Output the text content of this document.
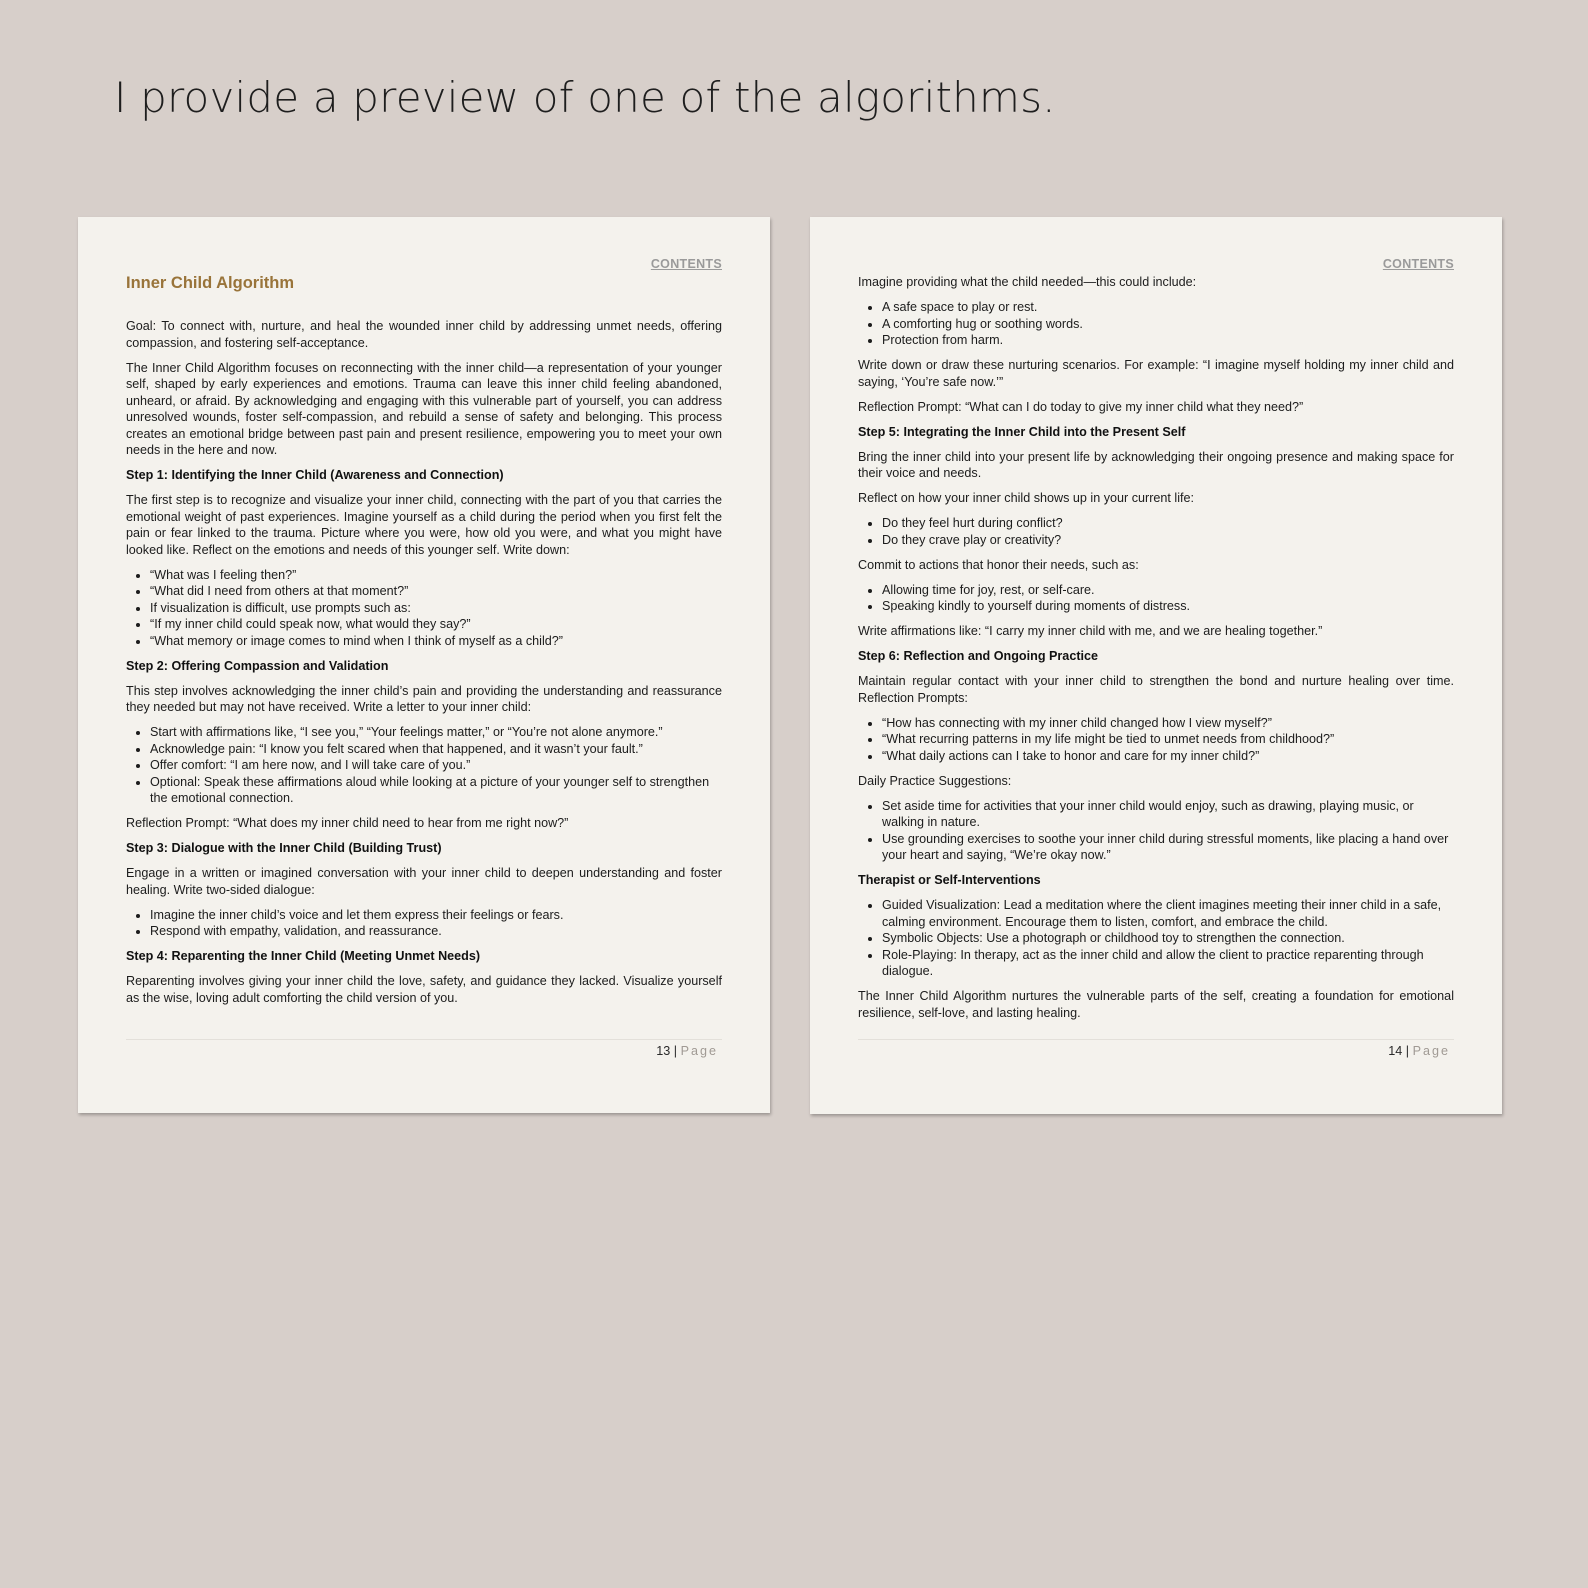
I provide a preview of one of the algorithms.
CONTENTS
Inner Child Algorithm

Goal: To connect with, nurture, and heal the wounded inner child by addressing unmet needs, offering compassion, and fostering self-acceptance.

The Inner Child Algorithm focuses on reconnecting with the inner child—a representation of your younger self, shaped by early experiences and emotions. Trauma can leave this inner child feeling abandoned, unheard, or afraid. By acknowledging and engaging with this vulnerable part of yourself, you can address unresolved wounds, foster self-compassion, and rebuild a sense of safety and belonging. This process creates an emotional bridge between past pain and present resilience, empowering you to meet your own needs in the here and now.

Step 1: Identifying the Inner Child (Awareness and Connection)

The first step is to recognize and visualize your inner child, connecting with the part of you that carries the emotional weight of past experiences. Imagine yourself as a child during the period when you first felt the pain or fear linked to the trauma. Picture where you were, how old you were, and what you might have looked like. Reflect on the emotions and needs of this younger self. Write down:

• “What was I feeling then?”
• “What did I need from others at that moment?”
• If visualization is difficult, use prompts such as:
• “If my inner child could speak now, what would they say?”
• “What memory or image comes to mind when I think of myself as a child?”
Step 2: Offering Compassion and Validation

This step involves acknowledging the inner child’s pain and providing the understanding and reassurance they needed but may not have received. Write a letter to your inner child:

• Start with affirmations like, “I see you,” “Your feelings matter,” or “You’re not alone anymore.”
• Acknowledge pain: “I know you felt scared when that happened, and it wasn’t your fault.”
• Offer comfort: “I am here now, and I will take care of you.”
• Optional: Speak these affirmations aloud while looking at a picture of your younger self to strengthen the emotional connection.

Reflection Prompt: “What does my inner child need to hear from me right now?”

Step 3: Dialogue with the Inner Child (Building Trust)

Engage in a written or imagined conversation with your inner child to deepen understanding and foster healing. Write two-sided dialogue:

• Imagine the inner child’s voice and let them express their feelings or fears.
• Respond with empathy, validation, and reassurance.
Step 4: Reparenting the Inner Child (Meeting Unmet Needs)

Reparenting involves giving your inner child the love, safety, and guidance they lacked. Visualize yourself as the wise, loving adult comforting the child version of you.

13 | Page
CONTENTS

Imagine providing what the child needed—this could include:

• A safe space to play or rest.
• A comforting hug or soothing words.
• Protection from harm.

Write down or draw these nurturing scenarios. For example: “I imagine myself holding my inner child and saying, ‘You’re safe now.’”

Reflection Prompt: “What can I do today to give my inner child what they need?”

Step 5: Integrating the Inner Child into the Present Self

Bring the inner child into your present life by acknowledging their ongoing presence and making space for their voice and needs.

Reflect on how your inner child shows up in your current life:

• Do they feel hurt during conflict?
• Do they crave play or creativity?

Commit to actions that honor their needs, such as:

• Allowing time for joy, rest, or self-care.
• Speaking kindly to yourself during moments of distress.

Write affirmations like: “I carry my inner child with me, and we are healing together.”

Step 6: Reflection and Ongoing Practice

Maintain regular contact with your inner child to strengthen the bond and nurture healing over time. Reflection Prompts:

• “How has connecting with my inner child changed how I view myself?”
• “What recurring patterns in my life might be tied to unmet needs from childhood?”
• “What daily actions can I take to honor and care for my inner child?”

Daily Practice Suggestions:

• Set aside time for activities that your inner child would enjoy, such as drawing, playing music, or walking in nature.
• Use grounding exercises to soothe your inner child during stressful moments, like placing a hand over your heart and saying, “We’re okay now.”
Therapist or Self-Interventions
• Guided Visualization: Lead a meditation where the client imagines meeting their inner child in a safe, calming environment. Encourage them to listen, comfort, and embrace the child.
• Symbolic Objects: Use a photograph or childhood toy to strengthen the connection.
• Role-Playing: In therapy, act as the inner child and allow the client to practice reparenting through dialogue.

The Inner Child Algorithm nurtures the vulnerable parts of the self, creating a foundation for emotional resilience, self-love, and lasting healing.

14 | Page
